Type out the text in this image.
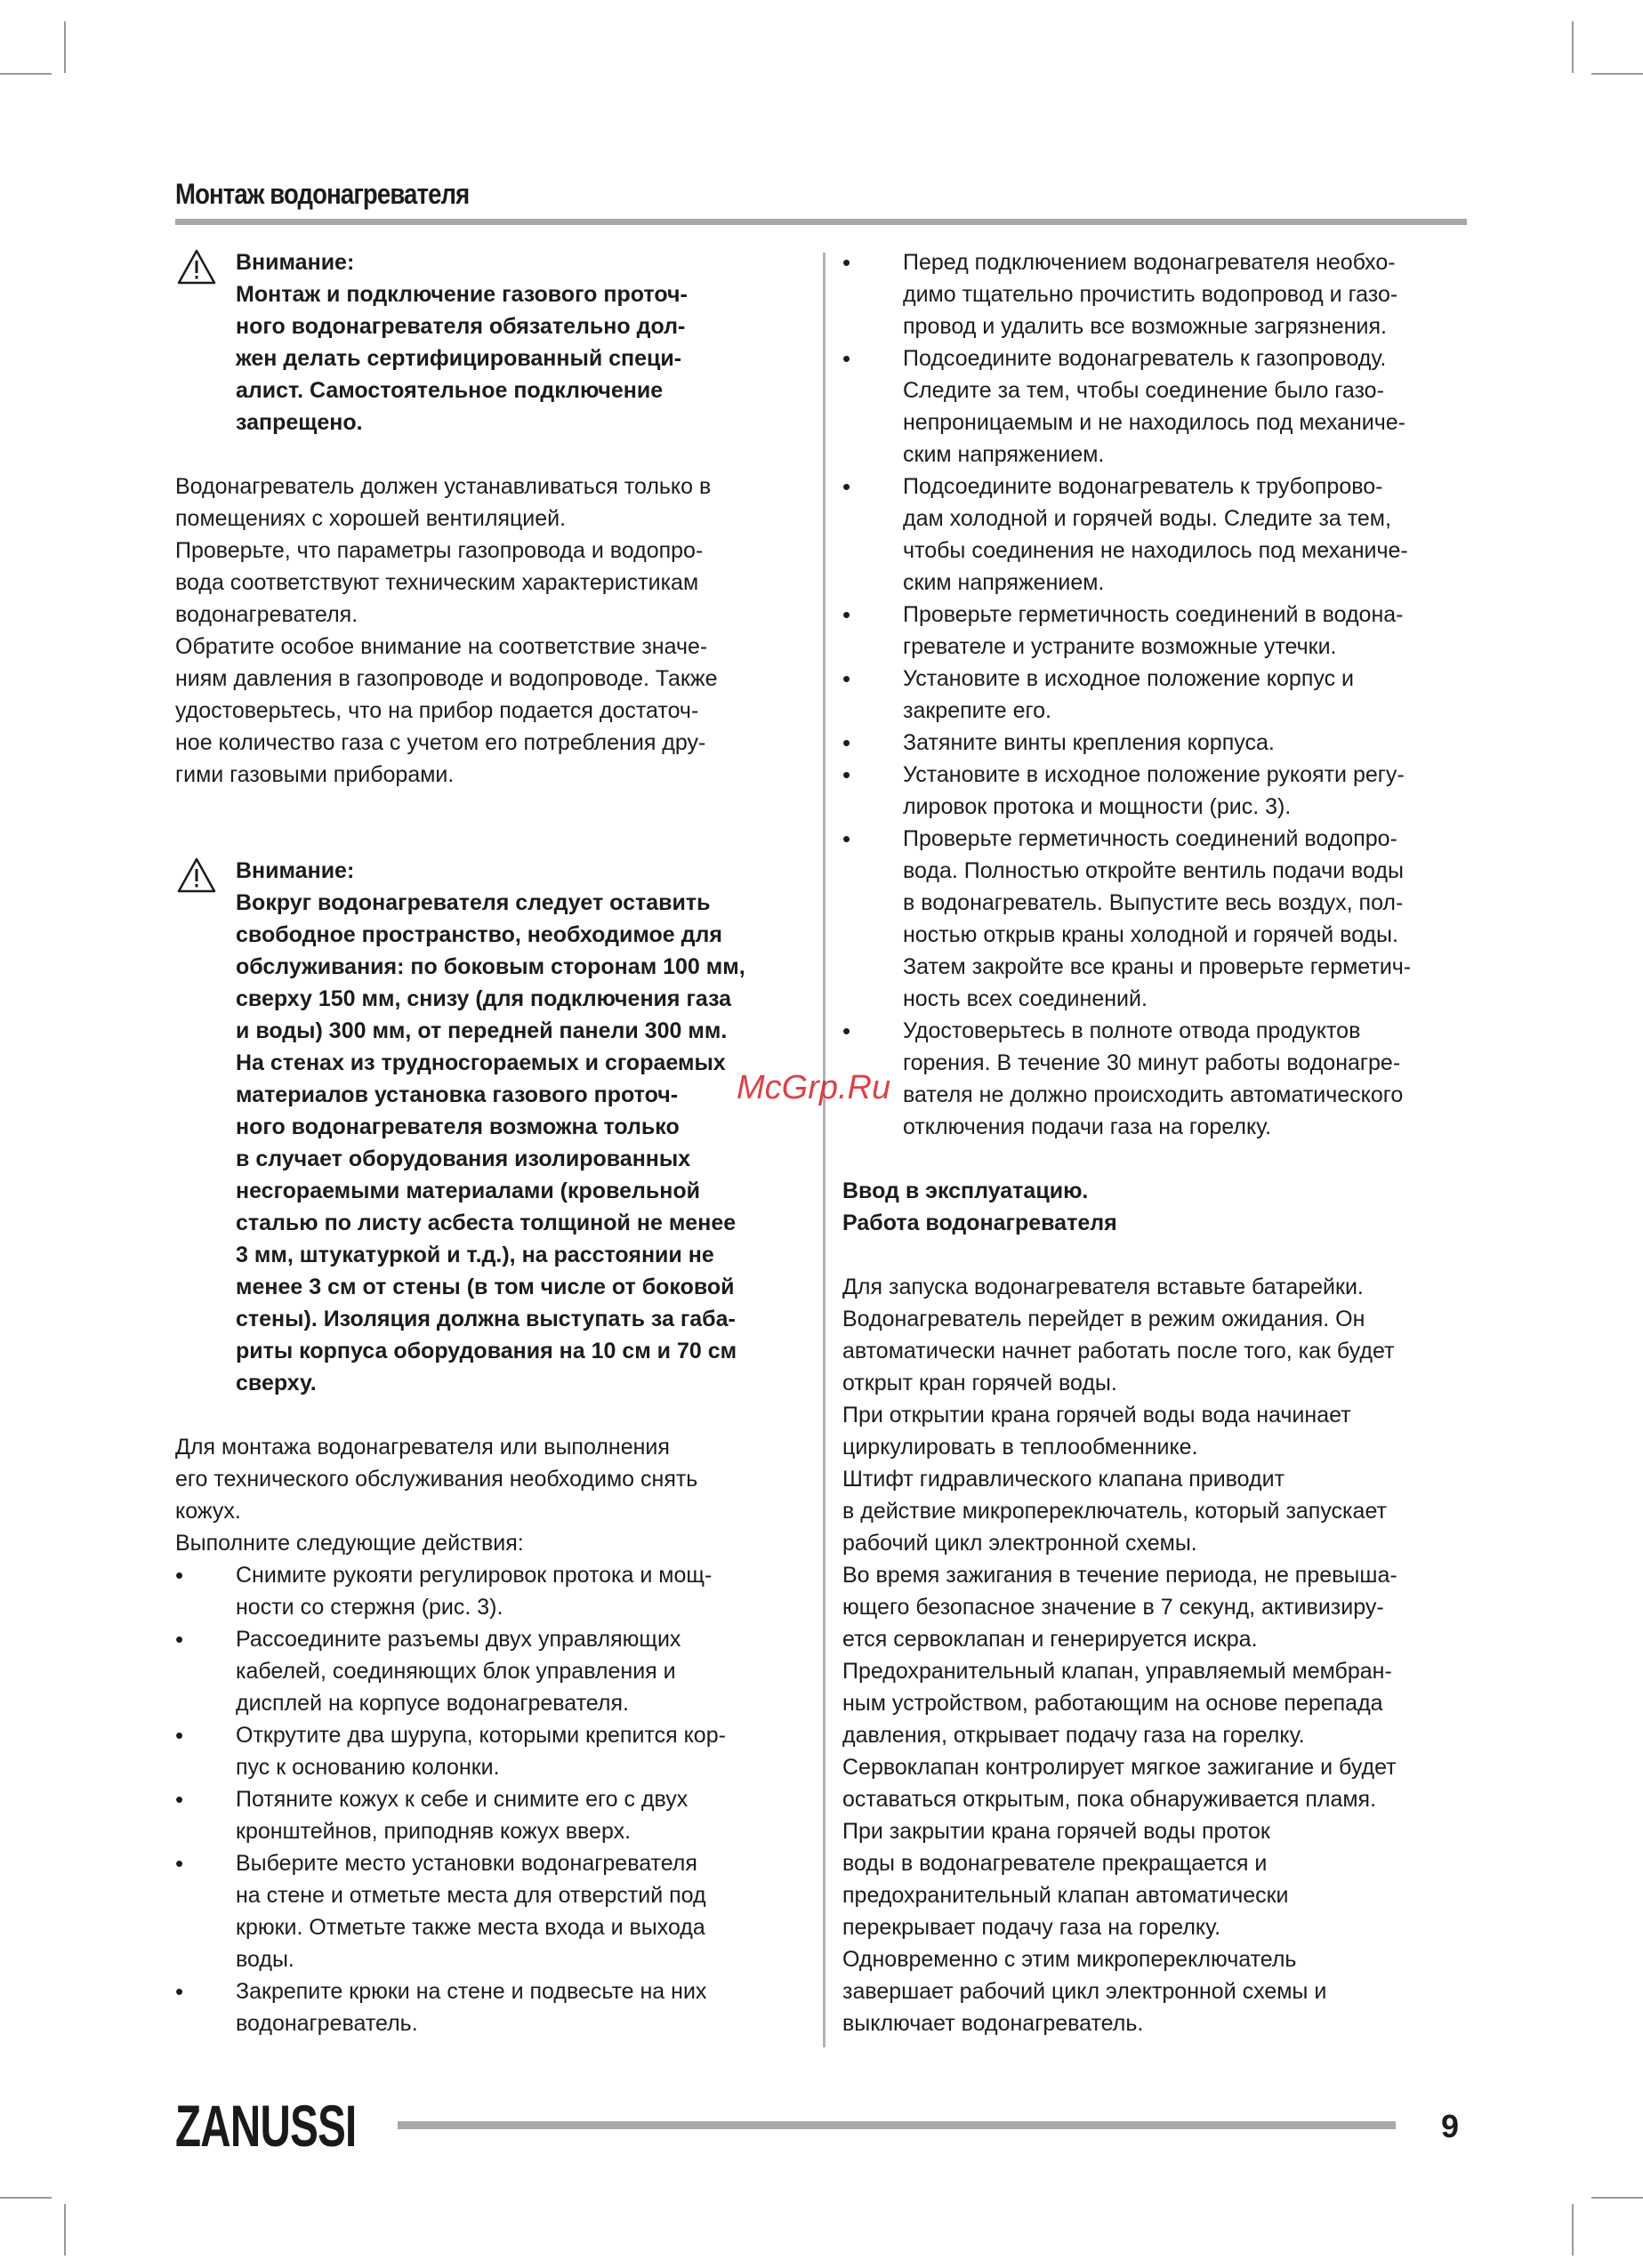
Монтаж водонагревателя
Внимание:
Монтаж и подключение газового проточ-
ного водонагревателя обязательно дол-
жен делать сертифицированный специ-
алист. Самостоятельное подключение
запрещено.

Водонагреватель должен устанавливаться только в

помещениях с хорошей вентиляцией.

Проверьте, что параметры газопровода и водопро-

вода соответствуют техническим характеристикам

водонагревателя.

Обратите особое внимание на соответствие значе-

ниям давления в газопроводе и водопроводе. Также

удостоверьтесь, что на прибор подается достаточ-

ное количество газа с учетом его потребления дру-

гими газовыми приборами.

Внимание:
Вокруг водонагревателя следует оставить
свободное пространство, необходимое для
обслуживания: по боковым сторонам 100 мм,
сверху 150 мм, снизу (для подключения газа
и воды) 300 мм, от передней панели 300 мм.
На стенах из трудносгораемых и сгораемых
материалов установка газового проточ-
ного водонагревателя возможна только
в случает оборудования изолированных
несгораемыми материалами (кровельной
сталью по листу асбеста толщиной не менее
3 мм, штукатуркой и т.д.), на расстоянии не
менее 3 см от стены (в том числе от боковой
стены). Изоляция должна выступать за габа-
риты корпуса оборудования на 10 см и 70 см
сверху.

Для монтажа водонагревателя или выполнения

его технического обслуживания необходимо снять

кожух.

Выполните следующие действия:

• Снимите рукояти регулировок протока и мощ-
ности со стержня (рис. 3).
• Рассоедините разъемы двух управляющих
кабелей, соединяющих блок управления и
дисплей на корпусе водонагревателя.
• Открутите два шурупа, которыми крепится кор-
пус к основанию колонки.
• Потяните кожух к себе и снимите его с двух
кронштейнов, приподняв кожух вверх.
• Выберите место установки водонагревателя
на стене и отметьте места для отверстий под
крюки. Отметьте также места входа и выхода
воды.
• Закрепите крюки на стене и подвесьте на них
водонагреватель.
• Перед подключением водонагревателя необхо-
димо тщательно прочистить водопровод и газо-
провод и удалить все возможные загрязнения.
• Подсоедините водонагреватель к газопроводу.
Следите за тем, чтобы соединение было газо-
непроницаемым и не находилось под механиче-
ским напряжением.
• Подсоедините водонагреватель к трубопрово-
дам холодной и горячей воды. Следите за тем,
чтобы соединения не находилось под механиче-
ским напряжением.
• Проверьте герметичность соединений в водона-
гревателе и устраните возможные утечки.
• Установите в исходное положение корпус и
закрепите его.
• Затяните винты крепления корпуса.
• Установите в исходное положение рукояти регу-
лировок протока и мощности (рис. 3).
• Проверьте герметичность соединений водопро-
вода. Полностью откройте вентиль подачи воды
в водонагреватель. Выпустите весь воздух, пол-
ностью открыв краны холодной и горячей воды.
Затем закройте все краны и проверьте герметич-
ность всех соединений.
• Удостоверьтесь в полноте отвода продуктов
горения. В течение 30 минут работы водонагре-
вателя не должно происходить автоматического
отключения подачи газа на горелку.

Ввод в эксплуатацию.

Работа водонагревателя

Для запуска водонагревателя вставьте батарейки.

Водонагреватель перейдет в режим ожидания. Он

автоматически начнет работать после того, как будет

открыт кран горячей воды.

При открытии крана горячей воды вода начинает

циркулировать в теплообменнике.

Штифт гидравлического клапана приводит

в действие микропереключатель, который запускает

рабочий цикл электронной схемы.

Во время зажигания в течение периода, не превыша-

ющего безопасное значение в 7 секунд, активизиру-

ется сервоклапан и генерируется искра.

Предохранительный клапан, управляемый мембран-

ным устройством, работающим на основе перепада

давления, открывает подачу газа на горелку.

Сервоклапан контролирует мягкое зажигание и будет

оставаться открытым, пока обнаруживается пламя.

При закрытии крана горячей воды проток

воды в водонагревателе прекращается и

предохранительный клапан автоматически

перекрывает подачу газа на горелку.

Одновременно с этим микропереключатель

завершает рабочий цикл электронной схемы и

выключает водонагреватель.

McGrp.Ru
ZANUSSI	9
